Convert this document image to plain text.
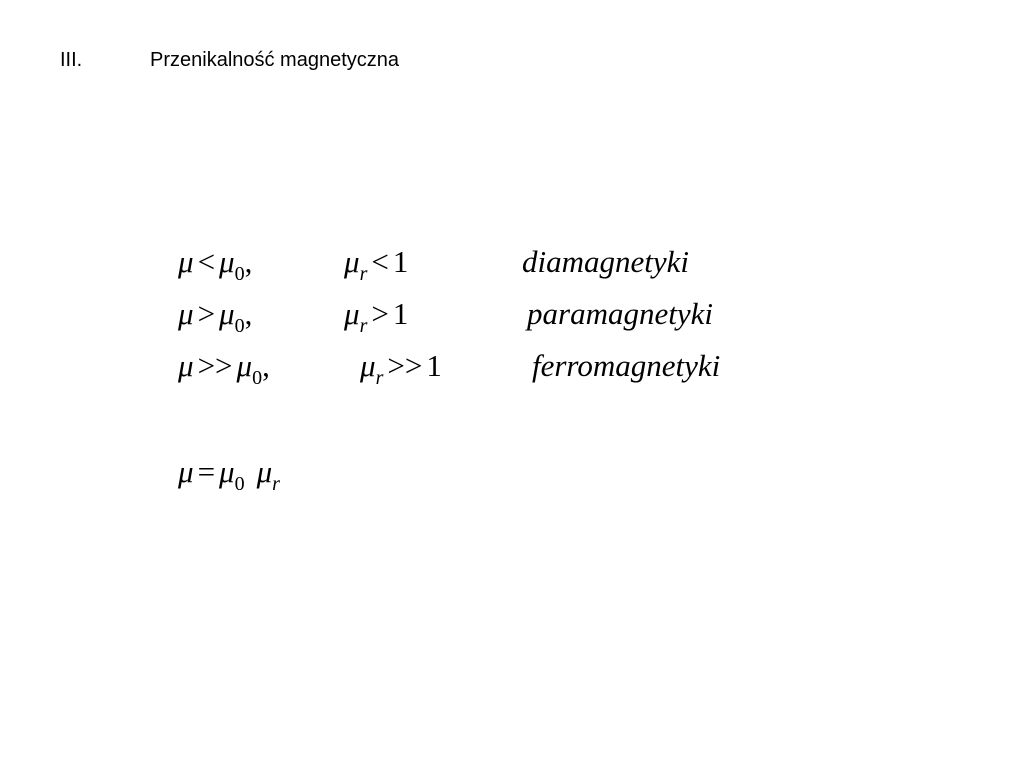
III.	Przenikalność magnetyczna
$\mu < \mu_0$,	$\mu_r < 1$	diamagnetyki
$\mu > \mu_0$,	$\mu_r > 1$	paramagnetyki
$\mu >> \mu_0$,	$\mu_r >> 1$	ferromagnetyki
$\mu = \mu_0$ $\mu_r$
